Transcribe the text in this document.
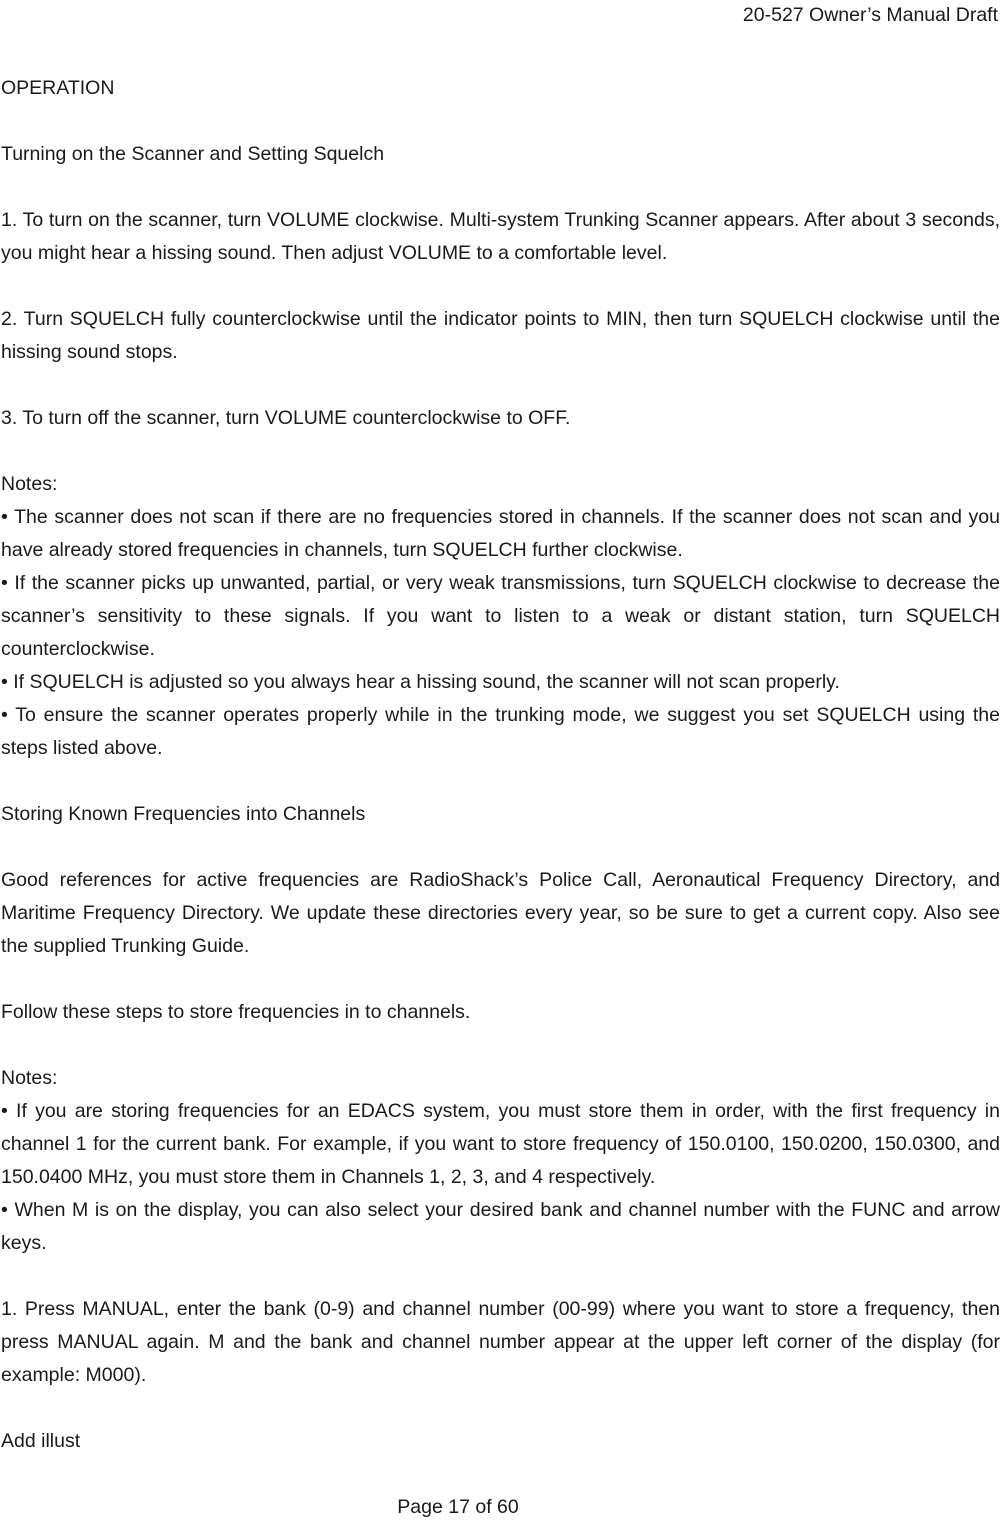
20-527 Owner’s Manual Draft

OPERATION

Turning on the Scanner and Setting Squelch

1. To turn on the scanner, turn VOLUME clockwise. Multi-system Trunking Scanner appears. After about 3 seconds, you might hear a hissing sound. Then adjust VOLUME to a comfortable level.

2. Turn SQUELCH fully counterclockwise until the indicator points to MIN, then turn SQUELCH clockwise until the hissing sound stops.

3. To turn off the scanner, turn VOLUME counterclockwise to OFF.

Notes:

• The scanner does not scan if there are no frequencies stored in channels. If the scanner does not scan and you have already stored frequencies in channels, turn SQUELCH further clockwise.

• If the scanner picks up unwanted, partial, or very weak transmissions, turn SQUELCH clockwise to decrease the scanner’s sensitivity to these signals. If you want to listen to a weak or distant station, turn SQUELCH counterclockwise.

• If SQUELCH is adjusted so you always hear a hissing sound, the scanner will not scan properly.

• To ensure the scanner operates properly while in the trunking mode, we suggest you set SQUELCH using the steps listed above.

Storing Known Frequencies into Channels

Good references for active frequencies are RadioShack’s Police Call, Aeronautical Frequency Directory, and Maritime Frequency Directory. We update these directories every year, so be sure to get a current copy. Also see the supplied Trunking Guide.

Follow these steps to store frequencies in to channels.

Notes:

• If you are storing frequencies for an EDACS system, you must store them in order, with the first frequency in channel 1 for the current bank. For example, if you want to store frequency of 150.0100, 150.0200, 150.0300, and 150.0400 MHz, you must store them in Channels 1, 2, 3, and 4 respectively.

• When M is on the display, you can also select your desired bank and channel number with the FUNC and arrow keys.

1. Press MANUAL, enter the bank (0-9) and channel number (00-99) where you want to store a frequency, then press MANUAL again. M and the bank and channel number appear at the upper left corner of the display (for example: M000).

Add illust

Page 17 of 60
